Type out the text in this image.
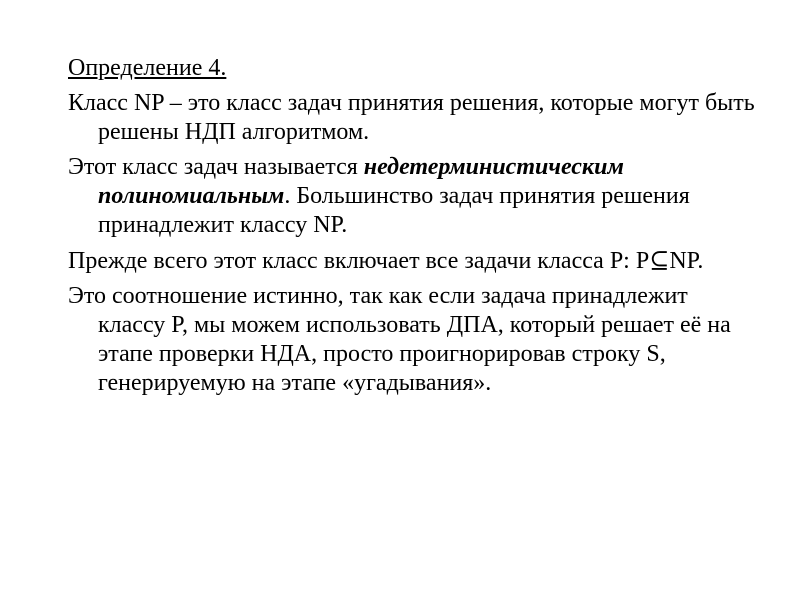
Определение 4.
Класс NP – это класс задач принятия решения, которые могут быть решены НДП алгоритмом.
Этот класс задач называется недетерминистическим полиномиальным. Большинство задач принятия решения принадлежит классу NP.
Прежде всего этот класс включает все задачи класса P: P⊆NP.
Это соотношение истинно, так как если задача принадлежит классу P, мы можем использовать ДПА, который решает её на этапе проверки НДА, просто проигнорировав строку S, генерируемую на этапе «угадывания».
